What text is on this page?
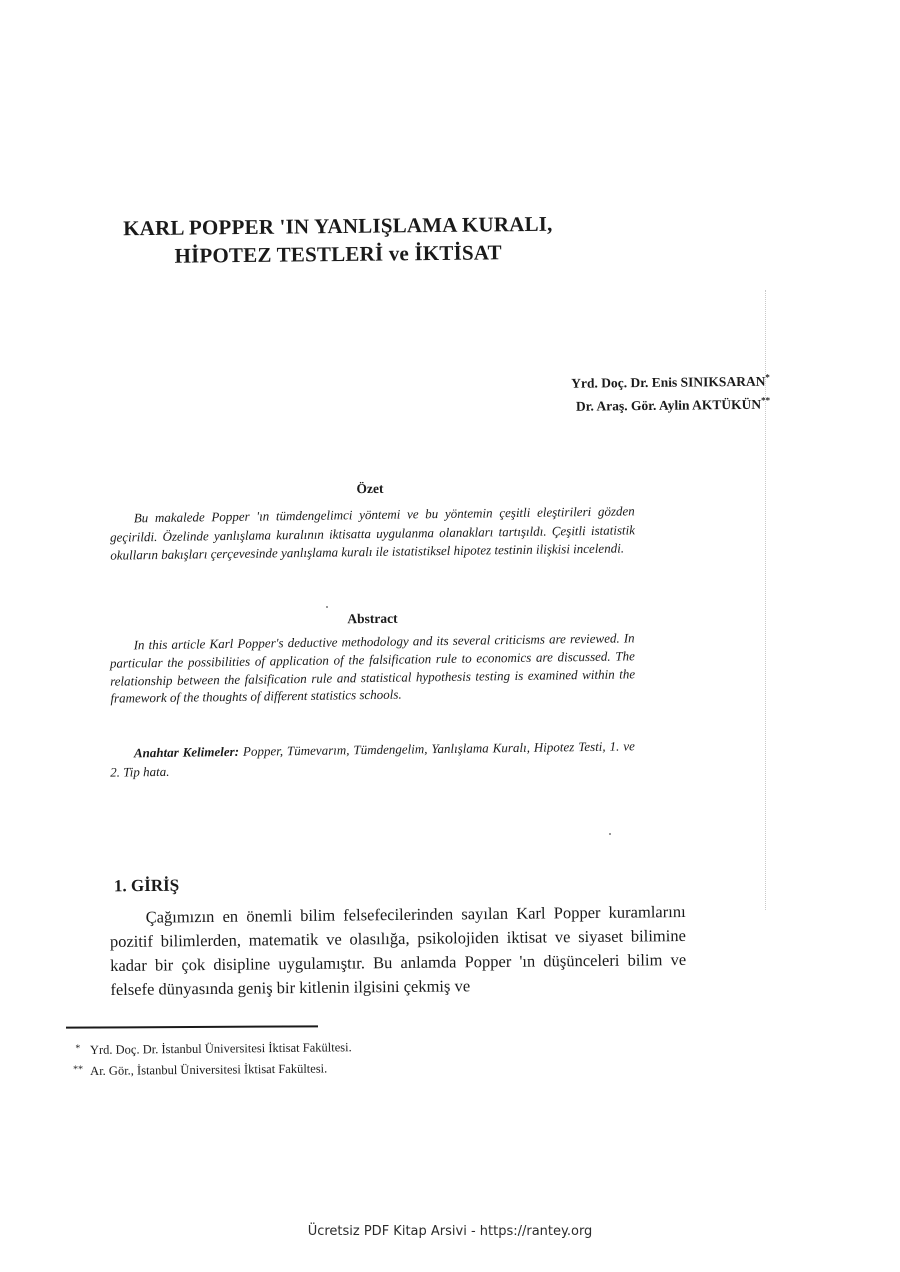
KARL POPPER 'IN YANLIŞLAMA KURALI,
HİPOTEZ TESTLERİ ve İKTİSAT
Yrd. Doç. Dr. Enis SINIKSARAN*
Dr. Araş. Gör. Aylin AKTÜKÜN**
Özet

Bu makalede Popper 'ın tümdengelimci yöntemi ve bu yöntemin çeşitli eleştirileri gözden geçirildi. Özelinde yanlışlama kuralının iktisatta uygulanma olanakları tartışıldı. Çeşitli istatistik okulların bakışları çerçevesinde yanlışlama kuralı ile istatistiksel hipotez testinin ilişkisi incelendi.

Abstract

In this article Karl Popper's deductive methodology and its several criticisms are reviewed. In particular the possibilities of application of the falsification rule to economics are discussed. The relationship between the falsification rule and statistical hypothesis testing is examined within the framework of the thoughts of different statistics schools.

Anahtar Kelimeler: Popper, Tümevarım, Tümdengelim, Yanlışlama Kuralı, Hipotez Testi, 1. ve 2. Tip hata.

1. GİRİŞ

Çağımızın en önemli bilim felsefecilerinden sayılan Karl Popper kuramlarını pozitif bilimlerden, matematik ve olasılığa, psikolojiden iktisat ve siyaset bilimine kadar bir çok disipline uygulamıştır. Bu anlamda Popper 'ın düşünceleri bilim ve felsefe dünyasında geniş bir kitlenin ilgisini çekmiş ve

* Yrd. Doç. Dr. İstanbul Üniversitesi İktisat Fakültesi.
** Ar. Gör., İstanbul Üniversitesi İktisat Fakültesi.
Ücretsiz PDF Kitap Arsivi - https://rantey.org
